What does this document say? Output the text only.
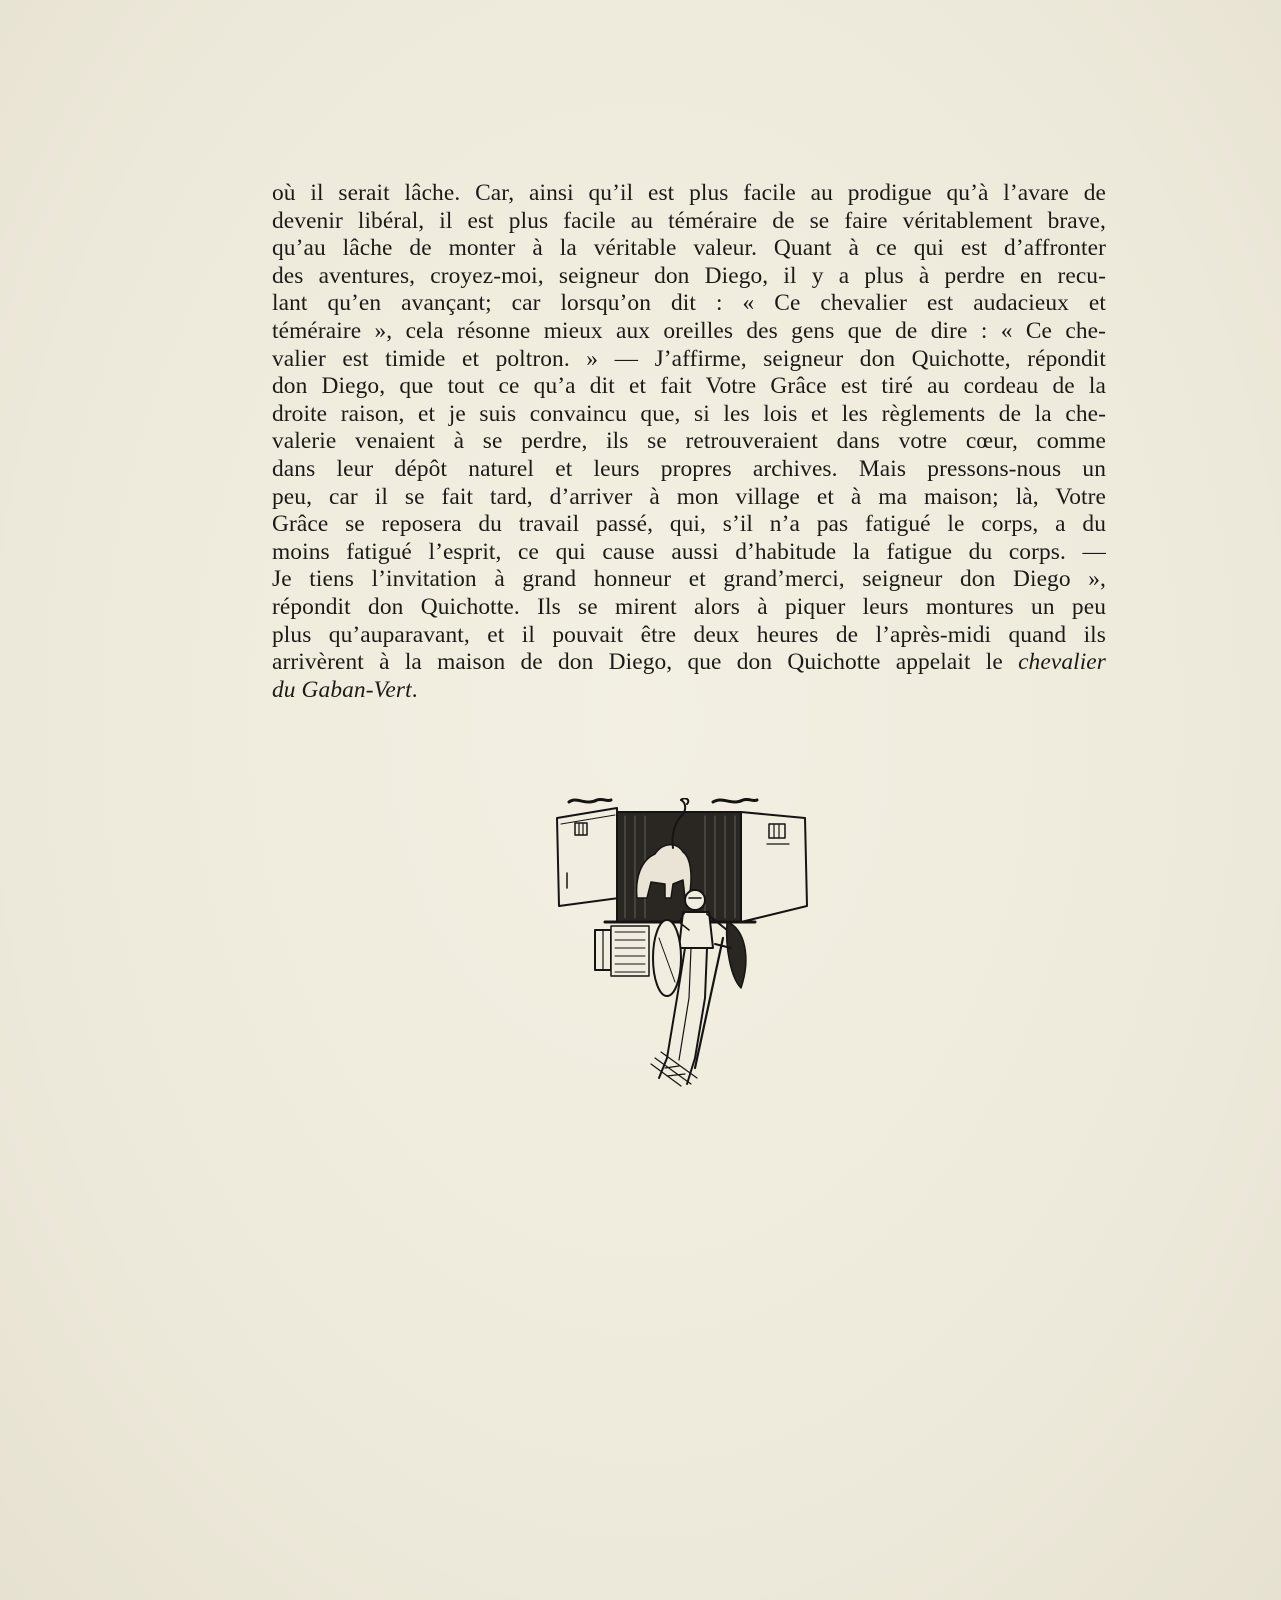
où il serait lâche. Car, ainsi qu’il est plus facile au prodigue qu’à l’avare de
devenir libéral, il est plus facile au téméraire de se faire véritablement brave,
qu’au lâche de monter à la véritable valeur. Quant à ce qui est d’affronter
des aventures, croyez-moi, seigneur don Diego, il y a plus à perdre en recu-
lant qu’en avançant; car lorsqu’on dit : « Ce chevalier est audacieux et
téméraire », cela résonne mieux aux oreilles des gens que de dire : « Ce che-
valier est timide et poltron. » — J’affirme, seigneur don Quichotte, répondit
don Diego, que tout ce qu’a dit et fait Votre Grâce est tiré au cordeau de la
droite raison, et je suis convaincu que, si les lois et les règlements de la che-
valerie venaient à se perdre, ils se retrouveraient dans votre cœur, comme
dans leur dépôt naturel et leurs propres archives. Mais pressons-nous un
peu, car il se fait tard, d’arriver à mon village et à ma maison; là, Votre
Grâce se reposera du travail passé, qui, s’il n’a pas fatigué le corps, a du
moins fatigué l’esprit, ce qui cause aussi d’habitude la fatigue du corps. —
Je tiens l’invitation à grand honneur et grand’merci, seigneur don Diego »,
répondit don Quichotte. Ils se mirent alors à piquer leurs montures un peu
plus qu’auparavant, et il pouvait être deux heures de l’après-midi quand ils
arrivèrent à la maison de don Diego, que don Quichotte appelait le chevalier
du Gaban-Vert.
